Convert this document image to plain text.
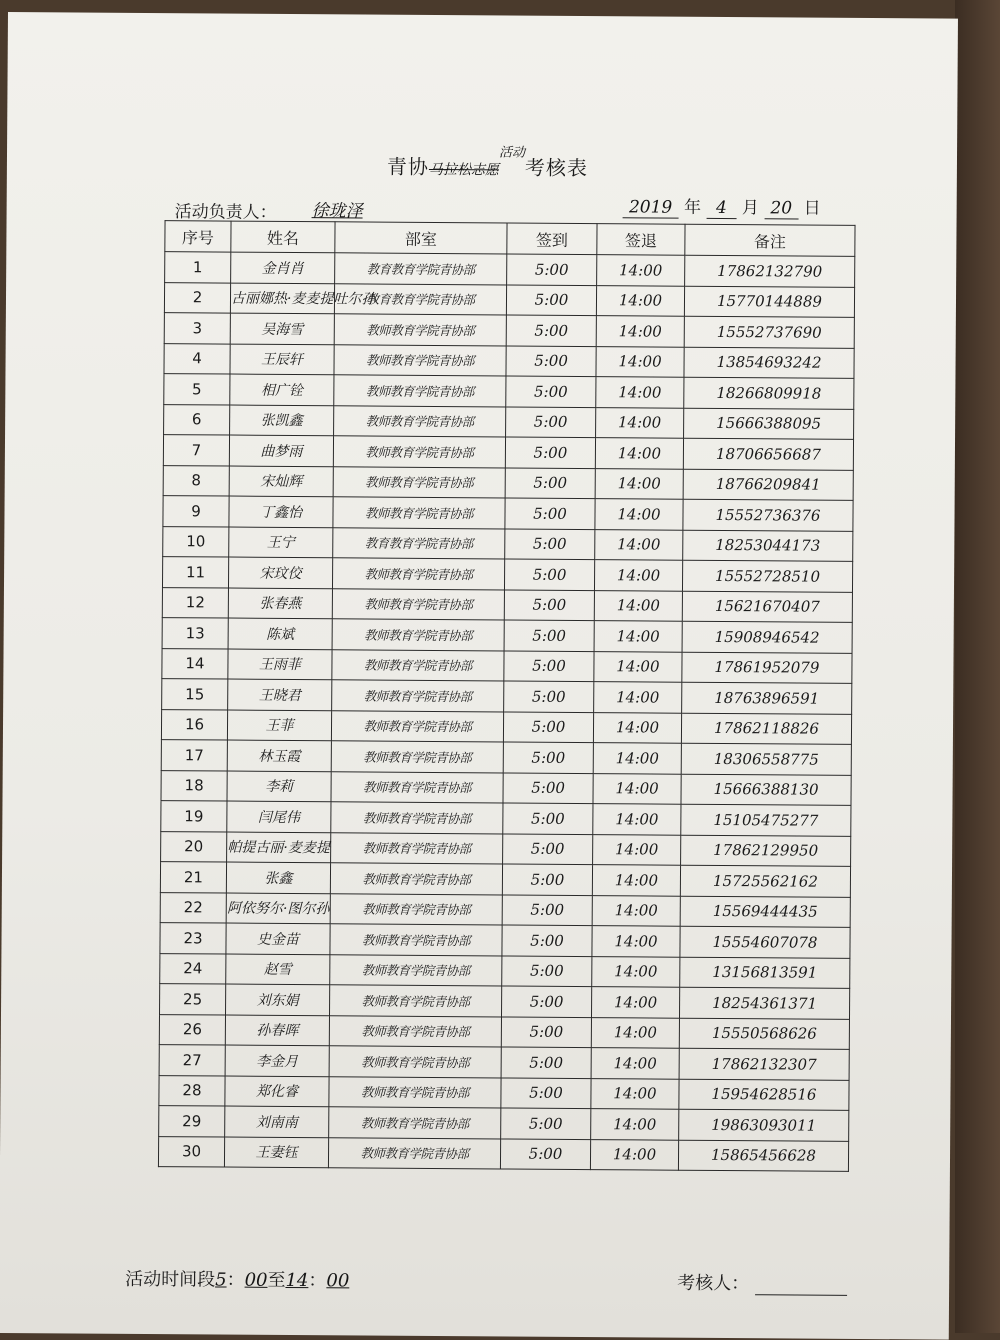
青协马拉松志愿$^{活动}$考核表
活动负责人： 徐珑泽	2019 年 4 月 20 日
序号	姓名	部室	签到	签退	备注
1	金肖肖	教育教育学院青协部	5:00	14:00	17862132790
2	古丽娜热·麦麦提吐尔孙	教育教育学院青协部	5:00	14:00	15770144889
3	吴海雪	教师教育学院青协部	5:00	14:00	15552737690
4	王辰轩	教师教育学院青协部	5:00	14:00	13854693242
5	相广铨	教师教育学院青协部	5:00	14:00	18266809918
6	张凯鑫	教师教育学院青协部	5:00	14:00	15666388095
7	曲梦雨	教师教育学院青协部	5:00	14:00	18706656687
8	宋灿辉	教师教育学院青协部	5:00	14:00	18766209841
9	丁鑫怡	教师教育学院青协部	5:00	14:00	15552736376
10	王宁	教育教育学院青协部	5:00	14:00	18253044173
11	宋玟佼	教师教育学院青协部	5:00	14:00	15552728510
12	张春燕	教师教育学院青协部	5:00	14:00	15621670407
13	陈斌	教师教育学院青协部	5:00	14:00	15908946542
14	王雨菲	教师教育学院青协部	5:00	14:00	17861952079
15	王晓君	教师教育学院青协部	5:00	14:00	18763896591
16	王菲	教师教育学院青协部	5:00	14:00	17862118826
17	林玉霞	教师教育学院青协部	5:00	14:00	18306558775
18	李莉	教师教育学院青协部	5:00	14:00	15666388130
19	闫尾伟	教师教育学院青协部	5:00	14:00	15105475277
20	帕提古丽·麦麦提	教师教育学院青协部	5:00	14:00	17862129950
21	张鑫	教师教育学院青协部	5:00	14:00	15725562162
22	阿依努尔·图尔孙	教师教育学院青协部	5:00	14:00	15569444435
23	史金苗	教师教育学院青协部	5:00	14:00	15554607078
24	赵雪	教师教育学院青协部	5:00	14:00	13156813591
25	刘东娟	教师教育学院青协部	5:00	14:00	18254361371
26	孙春晖	教师教育学院青协部	5:00	14:00	15550568626
27	李金月	教师教育学院青协部	5:00	14:00	17862132307
28	郑化睿	教师教育学院青协部	5:00	14:00	15954628516
29	刘南南	教师教育学院青协部	5:00	14:00	19863093011
30	王妻钰	教师教育学院青协部	5:00	14:00	15865456628
活动时间段5：00至14：00	考核人：
